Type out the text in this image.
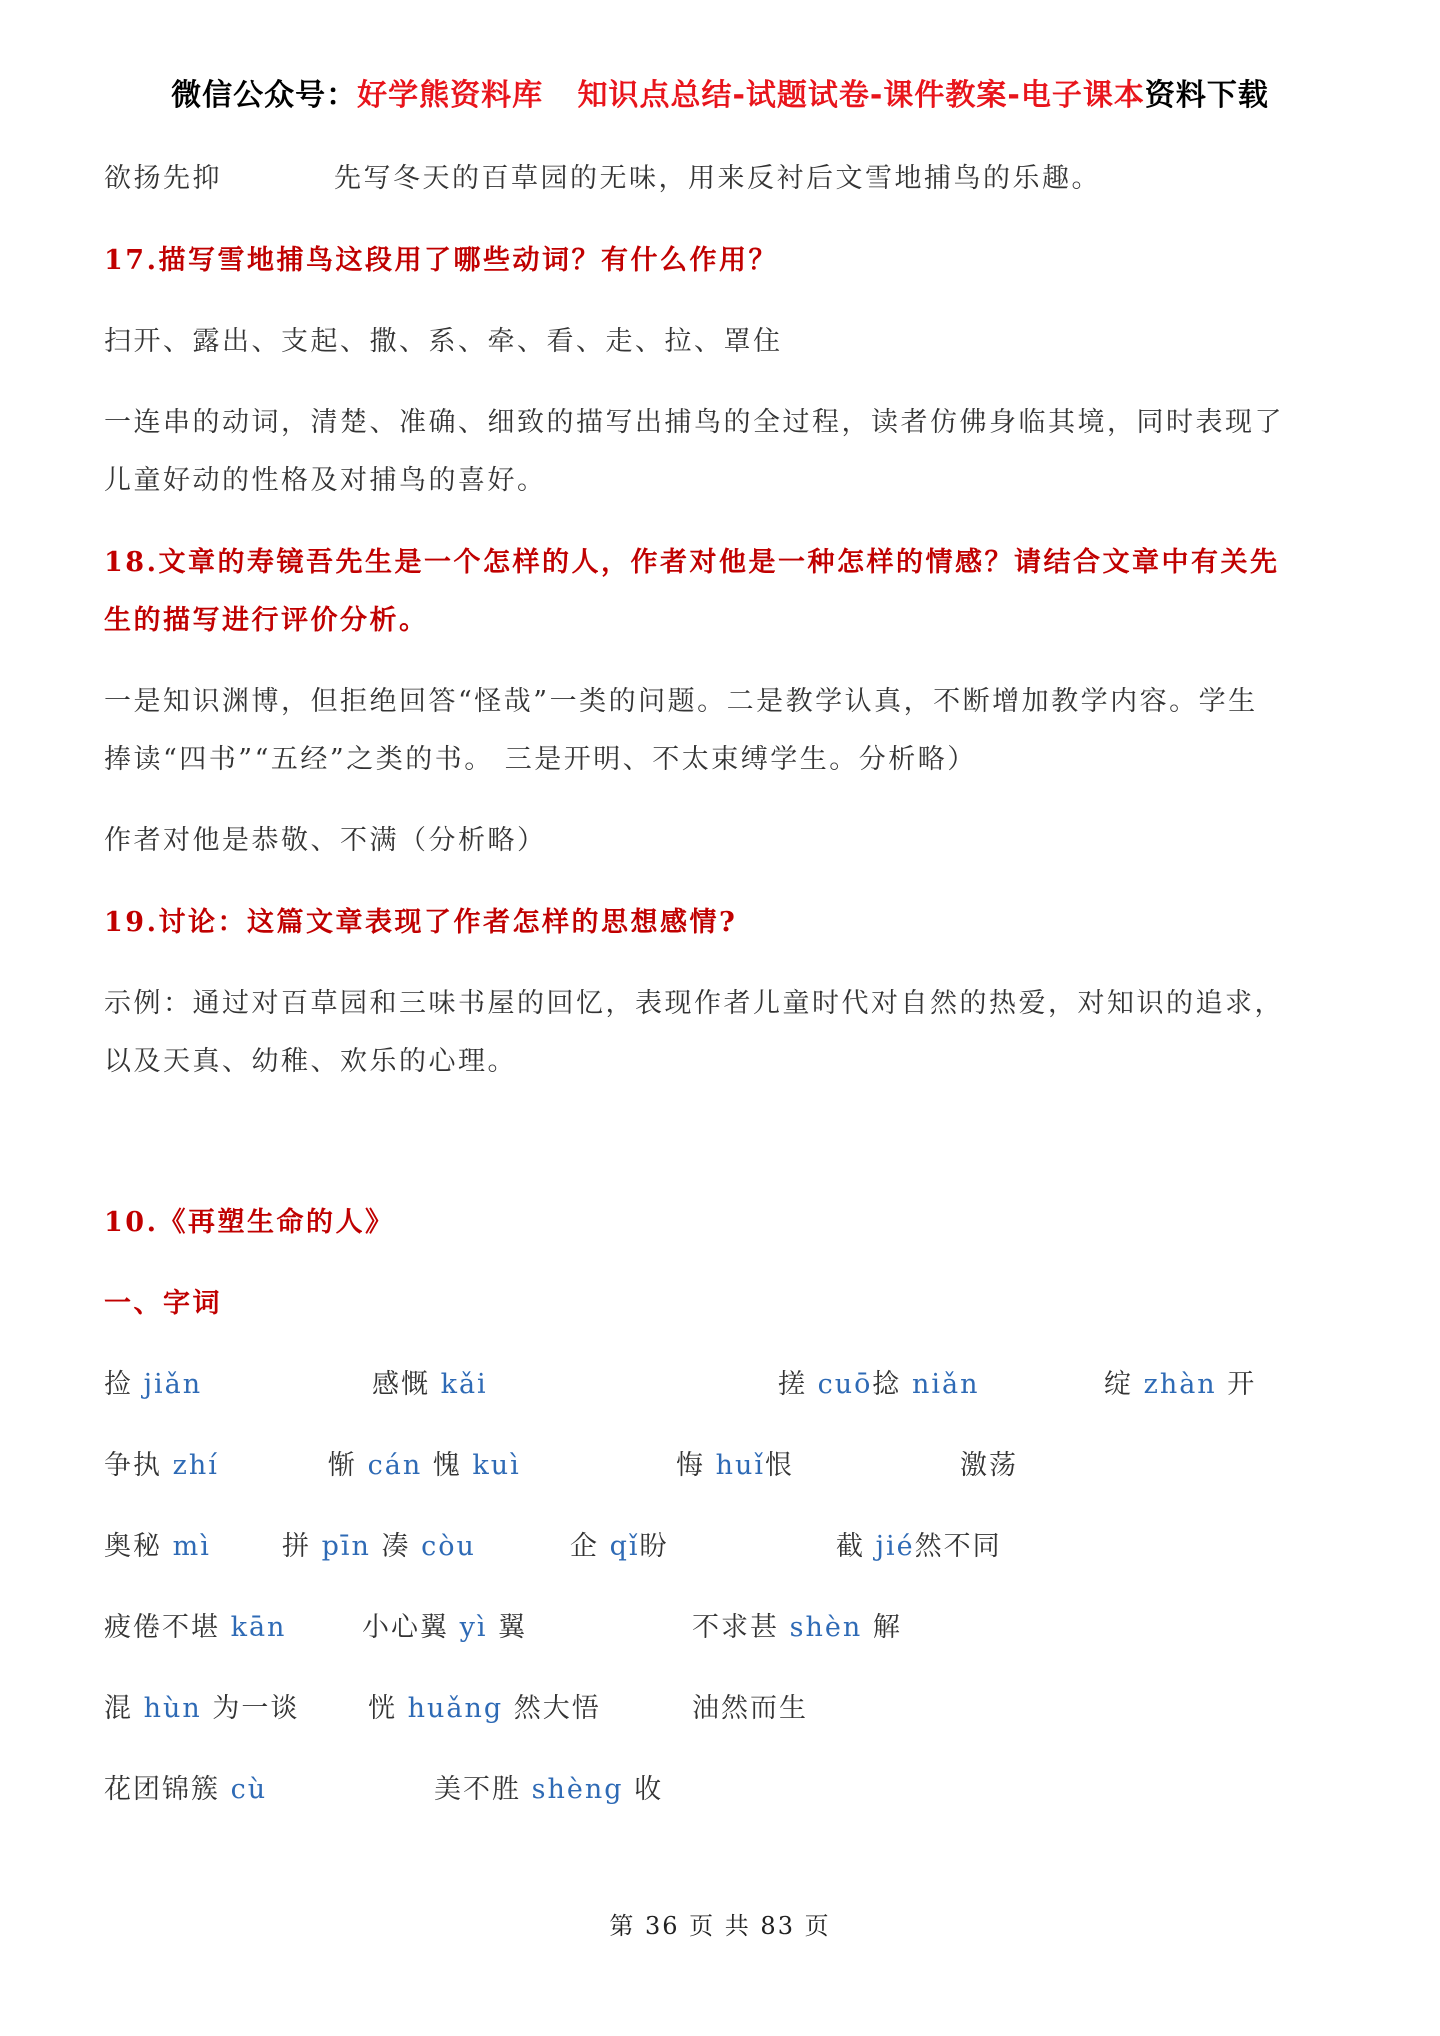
微信公众号：好学熊资料库 知识点总结-试题试卷-课件教案-电子课本资料下载
欲扬先抑	先写冬天的百草园的无味，用来反衬后文雪地捕鸟的乐趣。
17.描写雪地捕鸟这段用了哪些动词？有什么作用？
扫开、露出、支起、撒、系、牵、看、走、拉、罩住
一连串的动词，清楚、准确、细致的描写出捕鸟的全过程，读者仿佛身临其境，同时表现了
儿童好动的性格及对捕鸟的喜好。
18.文章的寿镜吾先生是一个怎样的人，作者对他是一种怎样的情感？请结合文章中有关先
生的描写进行评价分析。
一是知识渊博，但拒绝回答“怪哉”一类的问题。二是教学认真，不断增加教学内容。学生
捧读“四书”“五经”之类的书。 三是开明、不太束缚学生。分析略）
作者对他是恭敬、不满（分析略）
19.讨论：这篇文章表现了作者怎样的思想感情?
示例：通过对百草园和三味书屋的回忆，表现作者儿童时代对自然的热爱，对知识的追求，
以及天真、幼稚、欢乐的心理。
10.《再塑生命的人》
一、字词
捡 jiǎn	感慨 kǎi	搓 cuō捻 niǎn	绽 zhàn 开
争执 zhí	惭 cán 愧 kuì	悔 huǐ恨	激荡
奥秘 mì	拼 pīn 凑 còu	企 qǐ盼	截 jié然不同
疲倦不堪 kān	小心翼 yì 翼	不求甚 shèn 解
混 hùn 为一谈	恍 huǎng 然大悟	油然而生
花团锦簇 cù	美不胜 shèng 收
第 36 页 共 83 页
